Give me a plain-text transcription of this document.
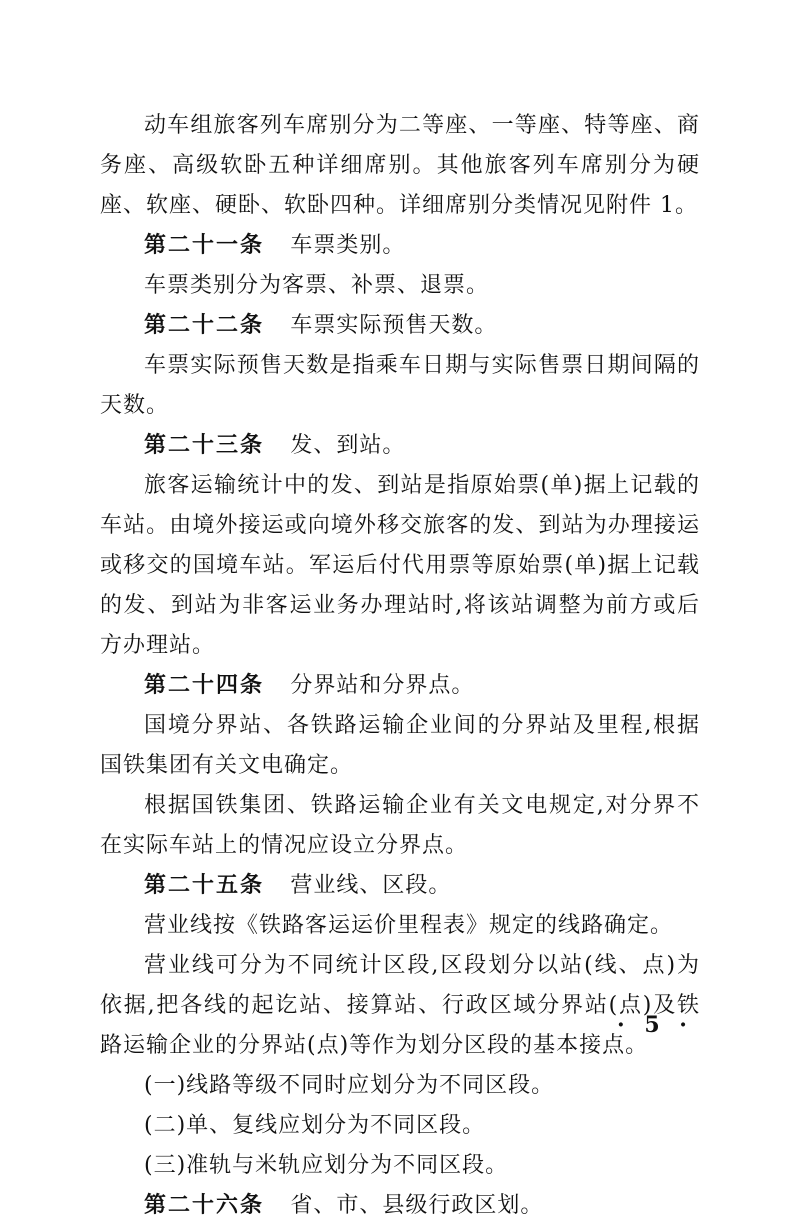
动车组旅客列车席别分为二等座、一等座、特等座、商务座、高级软卧五种详细席别。其他旅客列车席别分为硬座、软座、硬卧、软卧四种。详细席别分类情况见附件 1。

第二十一条 车票类别。

车票类别分为客票、补票、退票。

第二十二条 车票实际预售天数。

车票实际预售天数是指乘车日期与实际售票日期间隔的天数。

第二十三条 发、到站。

旅客运输统计中的发、到站是指原始票(单)据上记载的车站。由境外接运或向境外移交旅客的发、到站为办理接运或移交的国境车站。军运后付代用票等原始票(单)据上记载的发、到站为非客运业务办理站时,将该站调整为前方或后方办理站。

第二十四条 分界站和分界点。

国境分界站、各铁路运输企业间的分界站及里程,根据国铁集团有关文电确定。

根据国铁集团、铁路运输企业有关文电规定,对分界不在实际车站上的情况应设立分界点。

第二十五条 营业线、区段。

营业线按《铁路客运运价里程表》规定的线路确定。

营业线可分为不同统计区段,区段划分以站(线、点)为依据,把各线的起讫站、接算站、行政区域分界站(点)及铁路运输企业的分界站(点)等作为划分区段的基本接点。

(一)线路等级不同时应划分为不同区段。

(二)单、复线应划分为不同区段。

(三)准轨与米轨应划分为不同区段。

第二十六条 省、市、县级行政区划。

· 5 ·
